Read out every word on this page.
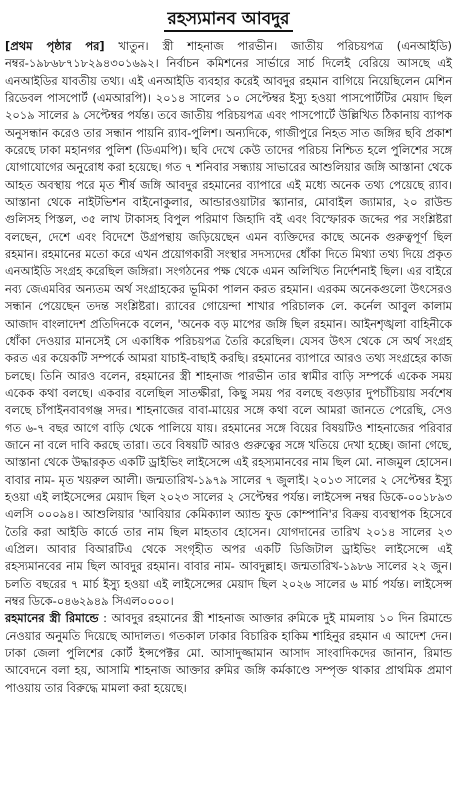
রহস্যমানব আবদুর

[প্রথম পৃষ্ঠার পর] খাতুন। স্ত্রী শাহনাজ পারভীন। জাতীয় পরিচয়পত্র (এনআইডি) নম্বর-১৯৮৬৮৭১৮২৯৪৩০১৬৯২। নির্বাচন কমিশনের সার্ভারে সার্চ দিলেই বেরিয়ে আসছে এই এনআইডির যাবতীয় তথ্য। এই এনআইডি ব্যবহার করেই আবদুর রহমান বাগিয়ে নিয়েছিলেন মেশিন রিডেবল পাসপোর্ট (এমআরপি)। ২০১৪ সালের ১০ সেপ্টেম্বর ইস্যু হওয়া পাসপোর্টটির মেয়াদ ছিল ২০১৯ সালের ৯ সেপ্টেম্বর পর্যন্ত। তবে জাতীয় পরিচয়পত্র এবং পাসপোর্টে উল্লিখিত ঠিকানায় ব্যাপক অনুসন্ধান করেও তার সন্ধান পায়নি র‍্যাব-পুলিশ। অন্যদিকে, গাজীপুরে নিহত সাত জঙ্গির ছবি প্রকাশ করেছে ঢাকা মহানগর পুলিশ (ডিএমপি)। ছবি দেখে কেউ তাদের পরিচয় নিশ্চিত হলে পুলিশের সঙ্গে যোগাযোগের অনুরোধ করা হয়েছে। গত ৭ শনিবার সন্ধ্যায় সাভারের আশুলিয়ার জঙ্গি আস্তানা থেকে আহত অবস্থায় পরে মৃত শীর্ষ জঙ্গি আবদুর রহমানের ব্যাপারে এই মধ্যে অনেক তথ্য পেয়েছে র‍্যাব। আস্তানা থেকে নাইটভিশন বাইনোকুলার, আন্ডারওয়াটার স্ক্যানার, মোবাইল জ্যামার, ২০ রাউন্ড গুলিসহ পিস্তল, ৩৫ লাখ টাকাসহ বিপুল পরিমাণ জিহাদি বই এবং বিস্ফোরক জব্দের পর সংশ্লিষ্টরা বলছেন, দেশে এবং বিদেশে উগ্রপন্থায় জড়িয়েছেন এমন ব্যক্তিদের কাছে অনেক গুরুত্বপূর্ণ ছিল রহমান। রহমানের মতো করে এখন প্রয়োগকারী সংস্থার সদস্যদের ধোঁকা দিতে মিথ্যা তথ্য দিয়ে প্রকৃত এনআইডি সংগ্রহ করেছিল জঙ্গিরা। সংগঠনের পক্ষ থেকে এমন অলিখিত নির্দেশনাই ছিল। এর বাইরে নব্য জেএমবির অন্যতম অর্থ সংগ্রাহকের ভূমিকা পালন করত রহমান। এরকম অনেকগুলো উৎসেরও সন্ধান পেয়েছেন তদন্ত সংশ্লিষ্টরা। র‍্যাবের গোয়েন্দা শাখার পরিচালক লে. কর্নেল আবুল কালাম আজাদ বাংলাদেশ প্রতিদিনকে বলেন, 'অনেক বড় মাপের জঙ্গি ছিল রহমান। আইনশৃঙ্খলা বাহিনীকে ধোঁকা দেওয়ার মানসেই সে একাধিক পরিচয়পত্র তৈরি করেছিল। যেসব উৎস থেকে সে অর্থ সংগ্রহ করত এর কয়েকটি সম্পর্কে আমরা যাচাই-বাছাই করছি। রহমানের ব্যাপারে আরও তথ্য সংগ্রহের কাজ চলছে। তিনি আরও বলেন, রহমানের স্ত্রী শাহনাজ পারভীন তার স্বামীর বাড়ি সম্পর্কে একেক সময় একেক কথা বলছে। একবার বলেছিল সাতক্ষীরা, কিছু সময় পর বলছে বগুড়ার দুপচাঁচিয়ায় সর্বশেষ বলছে চাঁপাইনবাবগঞ্জ সদর। শাহনাজের বাবা-মায়ের সঙ্গে কথা বলে আমরা জানতে পেরেছি, সেও গত ৬-৭ বছর আগে বাড়ি থেকে পালিয়ে যায়। রহমানের সঙ্গে বিয়ের বিষয়টিও শাহনাজের পরিবার জানে না বলে দাবি করছে তারা। তবে বিষয়টি আরও গুরুত্বের সঙ্গে খতিয়ে দেখা হচ্ছে। জানা গেছে, আস্তানা থেকে উদ্ধারকৃত একটি ড্রাইভিং লাইসেন্সে এই রহস্যমানবের নাম ছিল মো. নাজমুল হোসেন। বাবার নাম- মৃত খয়রুল আলী। জন্মতারিখ-১৯৭৯ সালের ৭ জুলাই। ২০১৩ সালের ২ সেপ্টেম্বর ইস্যু হওয়া এই লাইসেন্সের মেয়াদ ছিল ২০২৩ সালের ২ সেপ্টেম্বর পর্যন্ত। লাইসেন্স নম্বর ডিকে-০০১৮৯৩ এলসি ০০০৯৪। আশুলিয়ার 'আবিয়ার কেমিক্যাল অ্যান্ড ফুড কোম্পানি'র বিক্রয় ব্যবস্থাপক হিসেবে তৈরি করা আইডি কার্ডে তার নাম ছিল মাহতাব হোসেন। যোগদানের তারিখ ২০১৪ সালের ২৩ এপ্রিল। আবার বিআরটিএ থেকে সংগৃহীত অপর একটি ডিজিটাল ড্রাইভিং লাইসেন্সে এই রহস্যমানবের নাম ছিল আবদুর রহমান। বাবার নাম- আবদুল্লাহ। জন্মতারিখ-১৯৮৬ সালের ২২ জুন। চলতি বছরের ৭ মার্চ ইস্যু হওয়া এই লাইসেন্সের মেয়াদ ছিল ২০২৬ সালের ৬ মার্চ পর্যন্ত। লাইসেন্স নম্বর ডিকে-০৪৬২৯৪৯ সিএল০০০০।

রহমানের স্ত্রী রিমান্ডে : আবদুর রহমানের স্ত্রী শাহনাজ আক্তার রুমিকে দুই মামলায় ১০ দিন রিমান্ডে নেওয়ার অনুমতি দিয়েছে আদালত। গতকাল ঢাকার বিচারিক হাকিম শাহিনুর রহমান এ আদেশ দেন। ঢাকা জেলা পুলিশের কোর্ট ইন্সপেক্টর মো. আসাদুজ্জামান আসাদ সাংবাদিকদের জানান, রিমান্ড আবেদনে বলা হয়, আসামি শাহনাজ আক্তার রুমির জঙ্গি কর্মকাণ্ডে সম্পৃক্ত থাকার প্রাথমিক প্রমাণ পাওয়ায় তার বিরুদ্ধে মামলা করা হয়েছে।
